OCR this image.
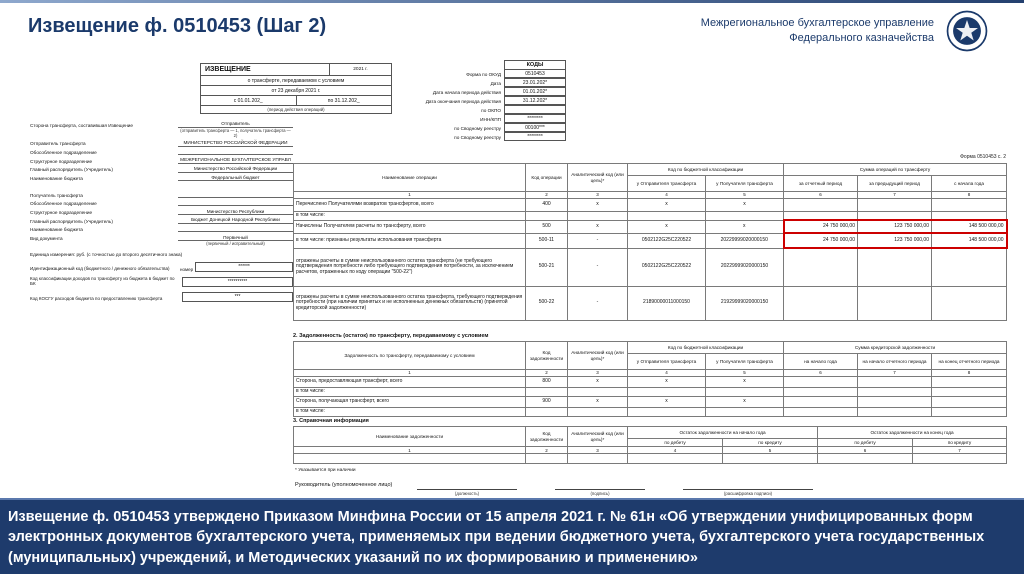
Извещение ф. 0510453 (Шаг 2)	Межрегиональное бухгалтерское управление
Федерального казначейства
ИЗВЕЩЕНИЕ	2021 г.
о трансферте, передаваемом с условием
от 23 декабря 2021 г.
с 01.01.202_	по 31.12.202_
(период действия операций)
КОДЫ
Форма по ОКУД	0510453
Дата	23.01.202*
Дата начала периода действия	01.01.202*
Дата окончания периода действия	31.12.202*
по ОКПО
ИНН/КПП	********
по Сводному реестру	00100***
по Сводному реестру	********
Форма 0510453 с. 2
Сторона трансферта, составившая Извещение	Отправитель
(отправитель трансферта — 1, получатель трансферта — 2)
Отправитель трансферта	МИНИСТЕРСТВО РОССИЙСКОЙ ФЕДЕРАЦИИ
Обособленное подразделение
Структурное подразделение	МЕЖРЕГИОНАЛЬНОЕ БУХГАЛТЕРСКОЕ УПРАВЛ
Главный распорядитель (Учредитель)	Министерство Российской Федерации
Наименование бюджета	Федеральный бюджет
Получатель трансферта
Обособленное подразделение
Структурное подразделение	Министерство Республики
Главный распорядитель (Учредитель)	Бюджет Донецкой Народной Республики
Наименование бюджета
Вид документа	Первичный
(первичный / исправительный)
Единица измерения: руб. (с точностью до второго десятичного знака)
Идентификационный код (бюджетного / денежного обязательства)	номер	******
Код классификации доходов по трансферту из бюджета в бюджет по БК	**********
Код КОСГУ расходов бюджета по предоставлению трансферта	***
Наименование операции	Код операции	Аналитический код (или цель)*	Код по бюджетной классификации		Сумма операций по трансферту		
			у Отправителя трансферта	у Получателя трансферта	за отчетный период	за предыдущий период	с начала года
1	2	3	4	5	6	7	8
Перечислено Получателями возвратов трансфертов, всего	400	x	x	x			
в том числе:							
Начислены Получателем расчеты по трансферту, всего	500	x	x	x	24 750 000,00	123 750 000,00	148 500 000,00
в том числе: признаны результаты использования трансферта	500-11	-	0502122G25C220522	20229999020000150	24 750 000,00	123 750 000,00	148 500 000,00
отражены расчеты в сумме неиспользованного остатка трансферта (не требующего подтверждения потребности либо требующего подтверждения потребности, за исключением расчетов, отраженных по коду операции "500-22")	500-21	-	0502122G25C220522	20229999020000150			
отражены расчеты в сумме неиспользованного остатка трансферта, требующего подтверждения потребности (при наличии принятых и не исполненных денежных обязательств) (принятой кредиторской задолженности)	500-22	-	21890000011000150	21929999020000150			
2. Задолженность (остаток) по трансферту, передаваемому с условием
Задолженность по трансферту, передаваемому с условием	Код задолженности	Аналитический код (или цель)*	Код по бюджетной классификации		Сумма кредиторской задолженности		
			у Отправителя трансферта	у Получателя трансферта	на начало года	на начало отчетного периода	на конец отчетного периода
1	2	3	4	5	6	7	8
Сторона, предоставляющая трансферт, всего	800	x	x	x			
в том числе:							
Сторона, получающая трансферт, всего	900	x	x	x			
в том числе:							
3. Справочная информация
Наименование задолженности	Код задолженности	Аналитический код (или цель)*	Остаток задолженности на начало года		Остаток задолженности на конец года	
			по дебету	по кредиту	по дебету	по кредиту
1	2	3	4	5	6	7

* Указывается при наличии
Руководитель (уполномоченное лицо)
(должность)	(подпись)	(расшифровка подписи)

Извещение ф. 0510453 утверждено Приказом Минфина России от 15 апреля 2021 г. № 61н «Об утверждении унифицированных форм электронных документов бухгалтерского учета, применяемых при ведении бюджетного учета, бухгалтерского учета государственных (муниципальных) учреждений, и Методических указаний по их формированию и применению»
